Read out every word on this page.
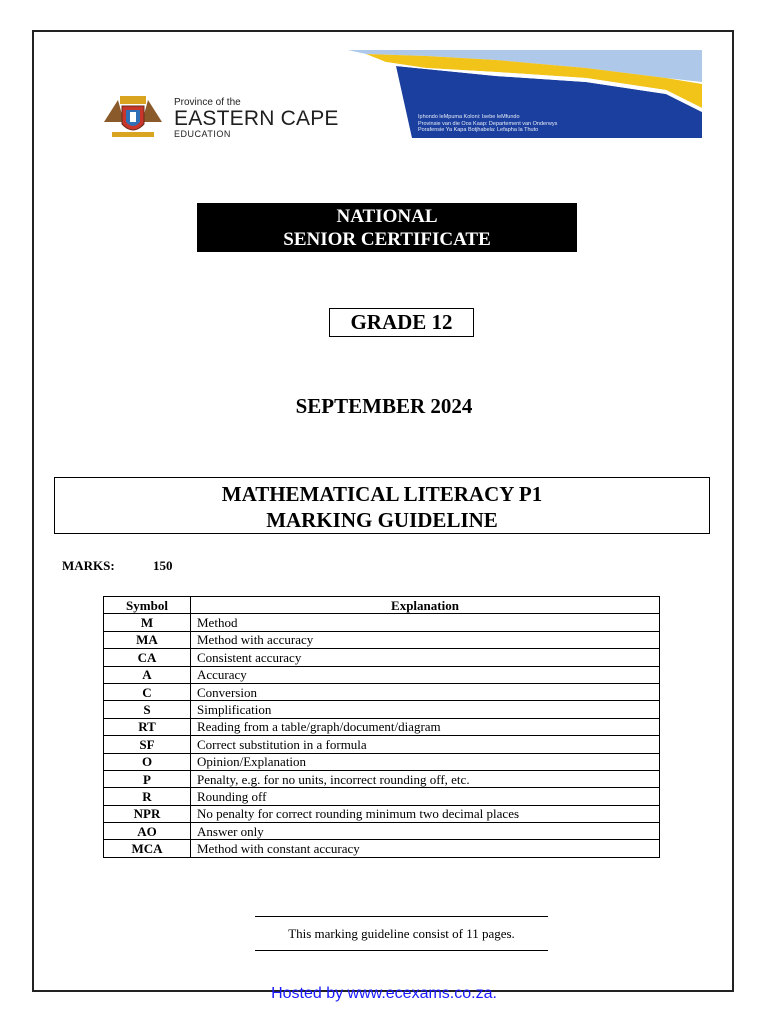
Province of the
EASTERN CAPE
EDUCATION
Iphondo leMpuma Koloni: Isebe leMfundo
Provinsie van die Oos Kaap: Departement van Onderwys
Porafensie Ya Kapa Botjhabela: Lefapha la Thuto
NATIONAL
SENIOR CERTIFICATE
GRADE 12
SEPTEMBER 2024
MATHEMATICAL LITERACY P1
MARKING GUIDELINE
MARKS:	150
Symbol	Explanation
M	Method
MA	Method with accuracy
CA	Consistent accuracy
A	Accuracy
C	Conversion
S	Simplification
RT	Reading from a table/graph/document/diagram
SF	Correct substitution in a formula
O	Opinion/Explanation
P	Penalty, e.g. for no units, incorrect rounding off, etc.
R	Rounding off
NPR	No penalty for correct rounding minimum two decimal places
AO	Answer only
MCA	Method with constant accuracy
This marking guideline consist of 11 pages.
Hosted by www.ecexams.co.za.
